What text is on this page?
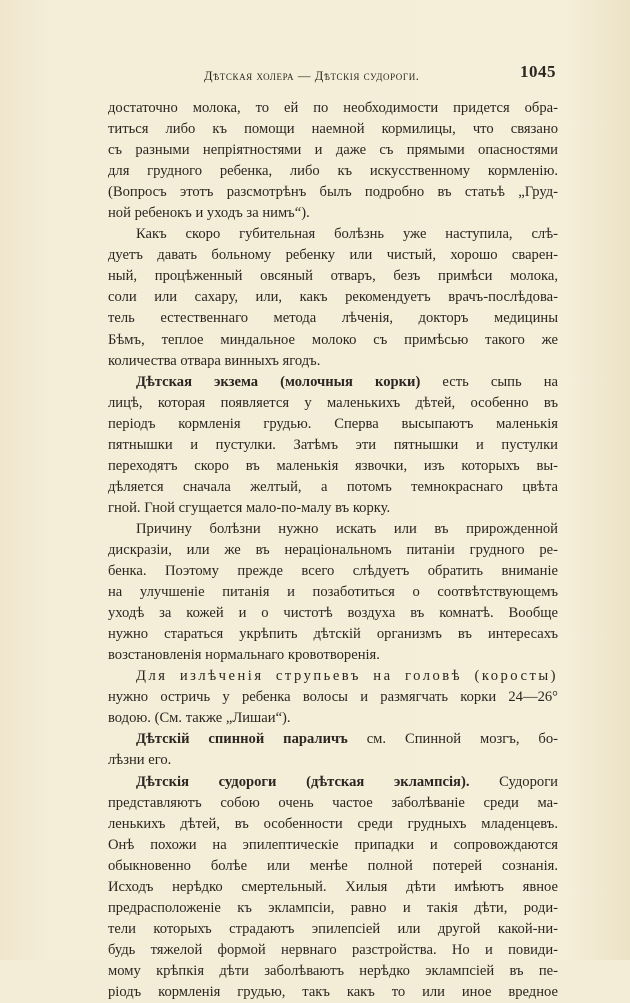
Дѣтская холера — Дѣтскія судороги.	1045
достаточно молока, то ей по необходимости придется обра-
титься либо къ помощи наемной кормилицы, что связано
съ разными непріятностями и даже съ прямыми опасностями
для грудного ребенка, либо къ искусственному кормленію.
(Вопросъ этотъ разсмотрѣнъ былъ подробно въ статьѣ „Груд-
ной ребенокъ и уходъ за нимъ“).
Какъ скоро губительная болѣзнь уже наступила, слѣ-
дуетъ давать больному ребенку или чистый, хорошо сварен-
ный, процѣженный овсяный отваръ, безъ примѣси молока,
соли или сахару, или, какъ рекомендуетъ врачъ-послѣдова-
тель естественнаго метода лѣченія, докторъ медицины
Бѣмъ, теплое миндальное молоко съ примѣсью такого же
количества отвара винныхъ ягодъ.
Дѣтская экзема (молочныя корки) есть сыпь на
лицѣ, которая появляется у маленькихъ дѣтей, особенно въ
періодъ кормленія грудью. Сперва высыпаютъ маленькія
пятнышки и пустулки. Затѣмъ эти пятнышки и пустулки
переходятъ скоро въ маленькія язвочки, изъ которыхъ вы-
дѣляется сначала желтый, а потомъ темнокраснаго цвѣта
гной. Гной сгущается мало-по-малу въ корку.
Причину болѣзни нужно искать или въ прирожденной
дискразіи, или же въ нераціональномъ питаніи грудного ре-
бенка. Поэтому прежде всего слѣдуетъ обратить вниманіе
на улучшеніе питанія и позаботиться о соотвѣтствующемъ
уходѣ за кожей и о чистотѣ воздуха въ комнатѣ. Вообще
нужно стараться укрѣпить дѣтскій организмъ въ интересахъ
возстановленія нормальнаго кровотворенія.
Для излѣченія струпьевъ на головѣ (коросты)
нужно остричь у ребенка волосы и размягчать корки 24—26°
водою. (См. также „Лишаи“).
Дѣтскій спинной параличъ см. Спинной мозгъ, бо-
лѣзни его.
Дѣтскія судороги (дѣтская эклампсія). Судороги
представляютъ собою очень частое заболѣваніе среди ма-
ленькихъ дѣтей, въ особенности среди грудныхъ младенцевъ.
Онѣ похожи на эпилептическіе припадки и сопровождаются
обыкновенно болѣе или менѣе полной потерей сознанія.
Исходъ нерѣдко смертельный. Хилыя дѣти имѣютъ явное
предрасположеніе къ эклампсіи, равно и такія дѣти, роди-
тели которыхъ страдаютъ эпилепсіей или другой какой-ни-
будь тяжелой формой нервнаго разстройства. Но и повиди-
мому крѣпкія дѣти заболѣваютъ нерѣдко эклампсіей въ пе-
ріодъ кормленія грудью, такъ какъ то или иное вредное
